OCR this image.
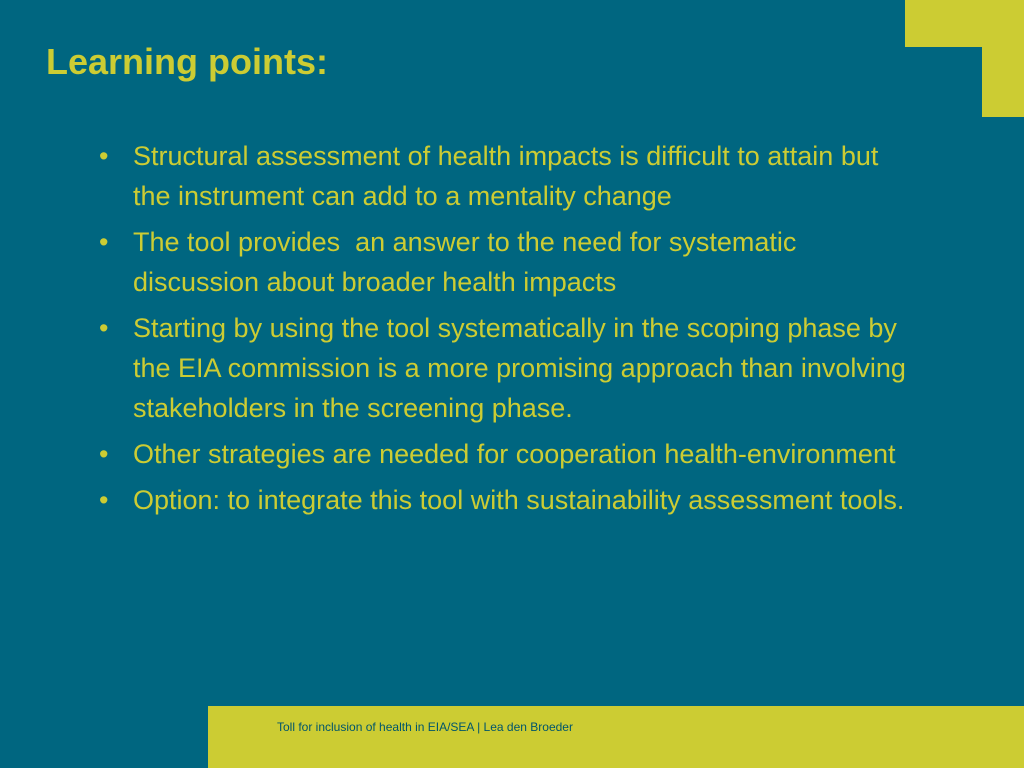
Learning points:
• Structural assessment of health impacts is difficult to attain but the instrument can add to a mentality change
• The tool provides  an answer to the need for systematic discussion about broader health impacts
• Starting by using the tool systematically in the scoping phase by the EIA commission is a more promising approach than involving stakeholders in the screening phase.
• Other strategies are needed for cooperation health-environment
• Option: to integrate this tool with sustainability assessment tools.
Toll for inclusion of health in EIA/SEA | Lea den Broeder
